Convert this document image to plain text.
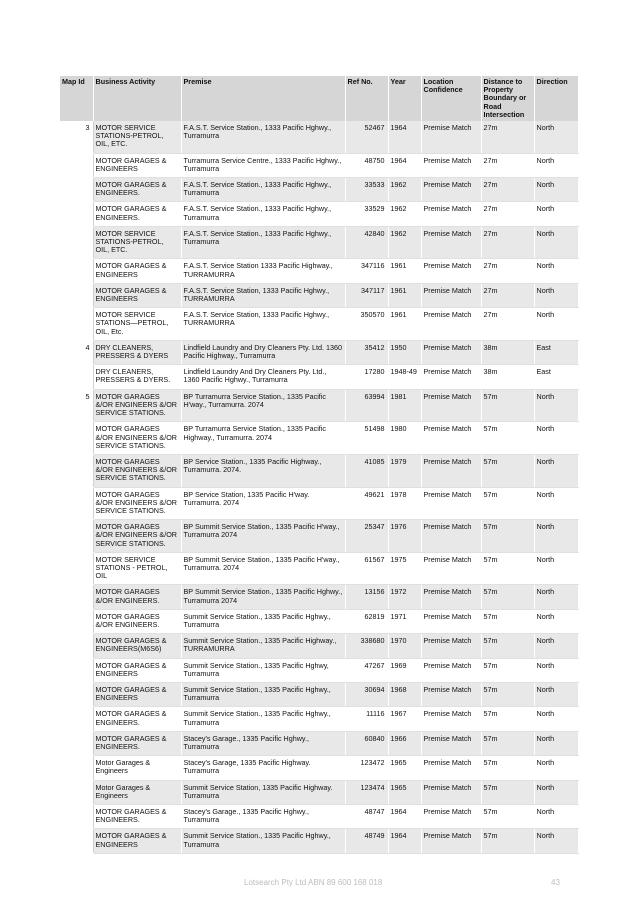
Map Id	Business Activity	Premise	Ref No.	Year	Location Confidence	Distance to Property Boundary or Road Intersection	Direction
3	MOTOR SERVICE STATIONS-PETROL, OIL, ETC.	F.A.S.T. Service Station., 1333 Pacific Hghwy., Turramurra	52467	1964	Premise Match	27m	North
	MOTOR GARAGES & ENGINEERS	Turramurra Service Centre., 1333 Pacific Hghwy., Turramurra	48750	1964	Premise Match	27m	North
	MOTOR GARAGES & ENGINEERS.	F.A.S.T. Service Station., 1333 Pacific Hghwy., Turramurra	33533	1962	Premise Match	27m	North
	MOTOR GARAGES & ENGINEERS.	F.A.S.T. Service Station., 1333 Pacific Hghwy., Turramurra	33529	1962	Premise Match	27m	North
	MOTOR SERVICE STATIONS-PETROL, OIL, ETC.	F.A.S.T. Service Station., 1333 Pacific Hghwy., Turramurra	42840	1962	Premise Match	27m	North
	MOTOR GARAGES & ENGINEERS	F.A.S.T. Service Station 1333 Pacific Highway., TURRAMURRA	347116	1961	Premise Match	27m	North
	MOTOR GARAGES & ENGINEERS	F.A.S.T. Service Station, 1333 Pacific Hghwy., TURRAMURRA	347117	1961	Premise Match	27m	North
	MOTOR SERVICE STATIONS—PETROL, OIL, Etc.	F.A.S.T. Service Station, 1333 Pacific Hghwy., TURRAMURRA	350570	1961	Premise Match	27m	North
4	DRY CLEANERS, PRESSERS & DYERS	Lindfield Laundry and Dry Cleaners Pty. Ltd. 1360 Pacific Highway., Turramurra	35412	1950	Premise Match	38m	East
	DRY CLEANERS, PRESSERS & DYERS.	Lindfield Laundry And Dry Cleaners Pty. Ltd., 1360 Pacific Hghwy., Turramurra	17280	1948-49	Premise Match	38m	East
5	MOTOR GARAGES &/OR ENGINEERS &/OR SERVICE STATIONS.	BP Turramurra Service Station., 1335 Pacific H'way., Turramurra. 2074	63994	1981	Premise Match	57m	North
	MOTOR GARAGES &/OR ENGINEERS &/OR SERVICE STATIONS.	BP Turramurra Service Station., 1335 Pacific Highway., Turramurra. 2074	51498	1980	Premise Match	57m	North
	MOTOR GARAGES &/OR ENGINEERS &/OR SERVICE STATIONS.	BP Service Station., 1335 Pacific Highway., Turramurra. 2074.	41085	1979	Premise Match	57m	North
	MOTOR GARAGES &/OR ENGINEERS &/OR SERVICE STATIONS.	BP Service Station, 1335 Pacific H'way. Turramurra. 2074	49621	1978	Premise Match	57m	North
	MOTOR GARAGES &/OR ENGINEERS &/OR SERVICE STATIONS.	BP Summit Service Station., 1335 Pacific H'way., Turramurra 2074	25347	1976	Premise Match	57m	North
	MOTOR SERVICE STATIONS - PETROL, OIL	BP Summit Service Station., 1335 Pacific H'way., Turramurra. 2074	61567	1975	Premise Match	57m	North
	MOTOR GARAGES &/OR ENGINEERS.	BP Summit Service Station., 1335 Pacific Hghwy., Turramurra 2074	13156	1972	Premise Match	57m	North
	MOTOR GARAGES &/OR ENGINEERS.	Summit Service Station., 1335 Pacific Hghwy., Turramurra	62819	1971	Premise Match	57m	North
	MOTOR GARAGES & ENGINEERS(M6S6)	Summit Service Station., 1335 Pacific Highway., TURRAMURRA	338680	1970	Premise Match	57m	North
	MOTOR GARAGES & ENGINEERS	Summit Service Station., 1335 Pacific Hghwy, Turramurra	47267	1969	Premise Match	57m	North
	MOTOR GARAGES & ENGINEERS	Summit Service Station., 1335 Pacific Hghwy., Turramurra	30694	1968	Premise Match	57m	North
	MOTOR GARAGES & ENGINEERS.	Summit Service Station., 1335 Pacific Hghwy., Turramurra	11116	1967	Premise Match	57m	North
	MOTOR GARAGES & ENGINEERS.	Stacey's Garage., 1335 Pacific Hghwy., Turramurra	60840	1966	Premise Match	57m	North
	Motor Garages & Engineers	Stacey's Garage, 1335 Pacific Highway. Turramurra	123472	1965	Premise Match	57m	North
	Motor Garages & Engineers	Summit Service Station, 1335 Pacific Highway. Turramurra	123474	1965	Premise Match	57m	North
	MOTOR GARAGES & ENGINEERS.	Stacey's Garage., 1335 Pacific Hghwy., Turramurra	48747	1964	Premise Match	57m	North
	MOTOR GARAGES & ENGINEERS	Summit Service Station., 1335 Pacific Hghwy., Turramurra	48749	1964	Premise Match	57m	North
Lotsearch Pty Ltd ABN 89 600 168 018	43
